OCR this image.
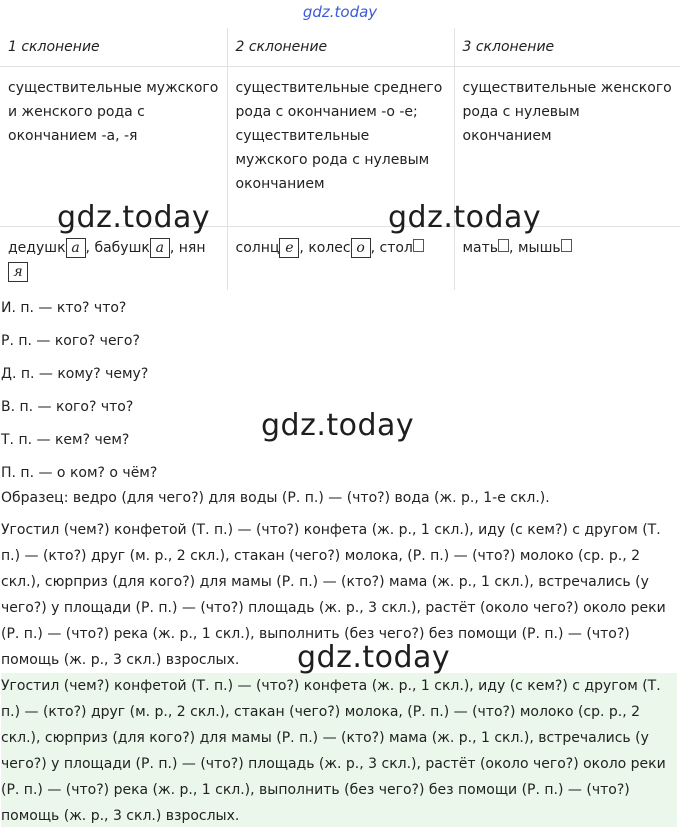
gdz.today
1 склонение	2 склонение	3 склонение
существительные мужского и женского рода с окончанием -а, -я	существительные среднего рода с окончанием -о -е; существительные мужского рода с нулевым окончанием	существительные женского рода с нулевым окончанием
дедушк а , бабушк а , нян я	солнц е , колес о , стол	мать , мышь
И. п. — кто? что?
Р. п. — кого? чего?
Д. п. — кому? чему?
В. п. — кого? что?
Т. п. — кем? чем?
П. п. — о ком? о чём?
Образец: ведро (для чего?) для воды (Р. п.) — (что?) вода (ж. р., 1-е скл.).
Угостил (чем?) конфетой (Т. п.) — (что?) конфета (ж. р., 1 скл.), иду (с кем?) с другом (Т. п.) — (кто?) друг (м. р., 2 скл.), стакан (чего?) молока, (Р. п.) — (что?) молоко (ср. р., 2 скл.), сюрприз (для кого?) для мамы (Р. п.) — (кто?) мама (ж. р., 1 скл.), встречались (у чего?) у площади (Р. п.) — (что?) площадь (ж. р., 3 скл.), растёт (около чего?) около реки (Р. п.) — (что?) река (ж. р., 1 скл.), выполнить (без чего?) без помощи (Р. п.) — (что?) помощь (ж. р., 3 скл.) взрослых.
Угостил (чем?) конфетой (Т. п.) — (что?) конфета (ж. р., 1 скл.), иду (с кем?) с другом (Т. п.) — (кто?) друг (м. р., 2 скл.), стакан (чего?) молока, (Р. п.) — (что?) молоко (ср. р., 2 скл.), сюрприз (для кого?) для мамы (Р. п.) — (кто?) мама (ж. р., 1 скл.), встречались (у чего?) у площади (Р. п.) — (что?) площадь (ж. р., 3 скл.), растёт (около чего?) около реки (Р. п.) — (что?) река (ж. р., 1 скл.), выполнить (без чего?) без помощи (Р. п.) — (что?) помощь (ж. р., 3 скл.) взрослых.
gdz.today	gdz.today
gdz.today
gdz.today
